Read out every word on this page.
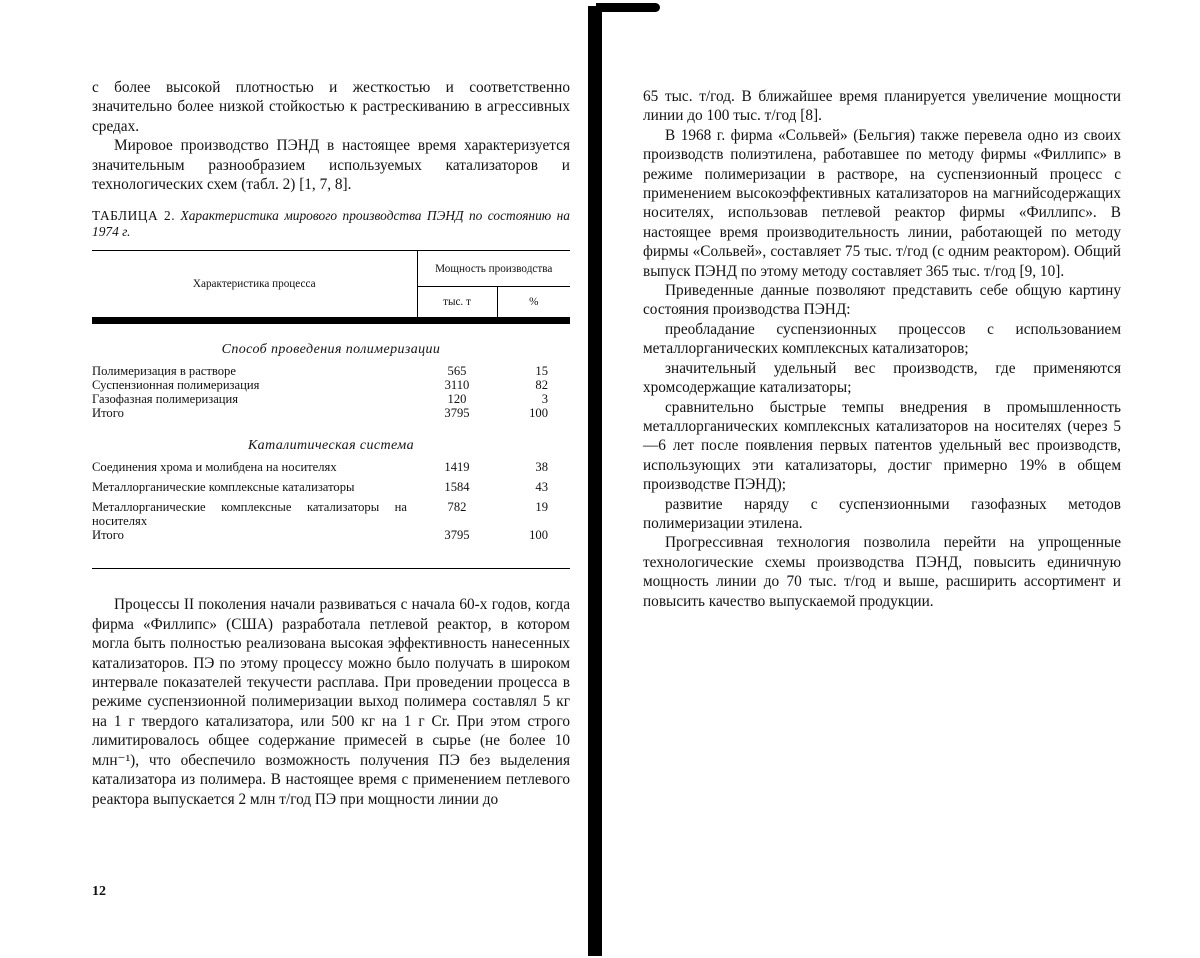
с более высокой плотностью и жесткостью и соответственно значительно более низкой стойкостью к растрескиванию в агрессивных средах.

Мировое производство ПЭНД в настоящее время характеризуется значительным разнообразием используемых катализаторов и технологических схем (табл. 2) [1, 7, 8].

ТАБЛИЦА 2. Характеристика мирового производства ПЭНД по состоянию на 1974 г.
Характеристика процесса	Мощность производства	
	тыс. т	%

Способ проведения полимеризации		
Полимеризация в растворе	565	15
Суспензионная полимеризация	3110	82
Газофазная полимеризация	120	3
Итого	3795	100
Каталитическая система		
Соединения хрома и молибдена на носителях	1419	38
Металлорганические комплексные катализаторы	1584	43
Металлорганические комплексные катализаторы на носителях	782	19
Итого	3795	100

Процессы II поколения начали развиваться с начала 60-х годов, когда фирма «Филлипс» (США) разработала петлевой реактор, в котором могла быть полностью реализована высокая эффективность нанесенных катализаторов. ПЭ по этому процессу можно было получать в широком интервале показателей текучести расплава. При проведении процесса в режиме суспензионной полимеризации выход полимера составлял 5 кг на 1 г твердого катализатора, или 500 кг на 1 г Cr. При этом строго лимитировалось общее содержание примесей в сырье (не более 10 млн⁻¹), что обеспечило возможность получения ПЭ без выделения катализатора из полимера. В настоящее время с применением петлевого реактора выпускается 2 млн т/год ПЭ при мощности линии до

12

65 тыс. т/год. В ближайшее время планируется увеличение мощности линии до 100 тыс. т/год [8].

В 1968 г. фирма «Сольвей» (Бельгия) также перевела одно из своих производств полиэтилена, работавшее по методу фирмы «Филлипс» в режиме полимеризации в растворе, на суспензионный процесс с применением высокоэффективных катализаторов на магнийсодержащих носителях, использовав петлевой реактор фирмы «Филлипс». В настоящее время производительность линии, работающей по методу фирмы «Сольвей», составляет 75 тыс. т/год (с одним реактором). Общий выпуск ПЭНД по этому методу составляет 365 тыс. т/год [9, 10].

Приведенные данные позволяют представить себе общую картину состояния производства ПЭНД:

преобладание суспензионных процессов с использованием металлорганических комплексных катализаторов;

значительный удельный вес производств, где применяются хромсодержащие катализаторы;

сравнительно быстрые темпы внедрения в промышленность металлорганических комплексных катализаторов на носителях (через 5—6 лет после появления первых патентов удельный вес производств, использующих эти катализаторы, достиг примерно 19% в общем производстве ПЭНД);

развитие наряду с суспензионными газофазных методов полимеризации этилена.

Прогрессивная технология позволила перейти на упрощенные технологические схемы производства ПЭНД, повысить единичную мощность линии до 70 тыс. т/год и выше, расширить ассортимент и повысить качество выпускаемой продукции.
